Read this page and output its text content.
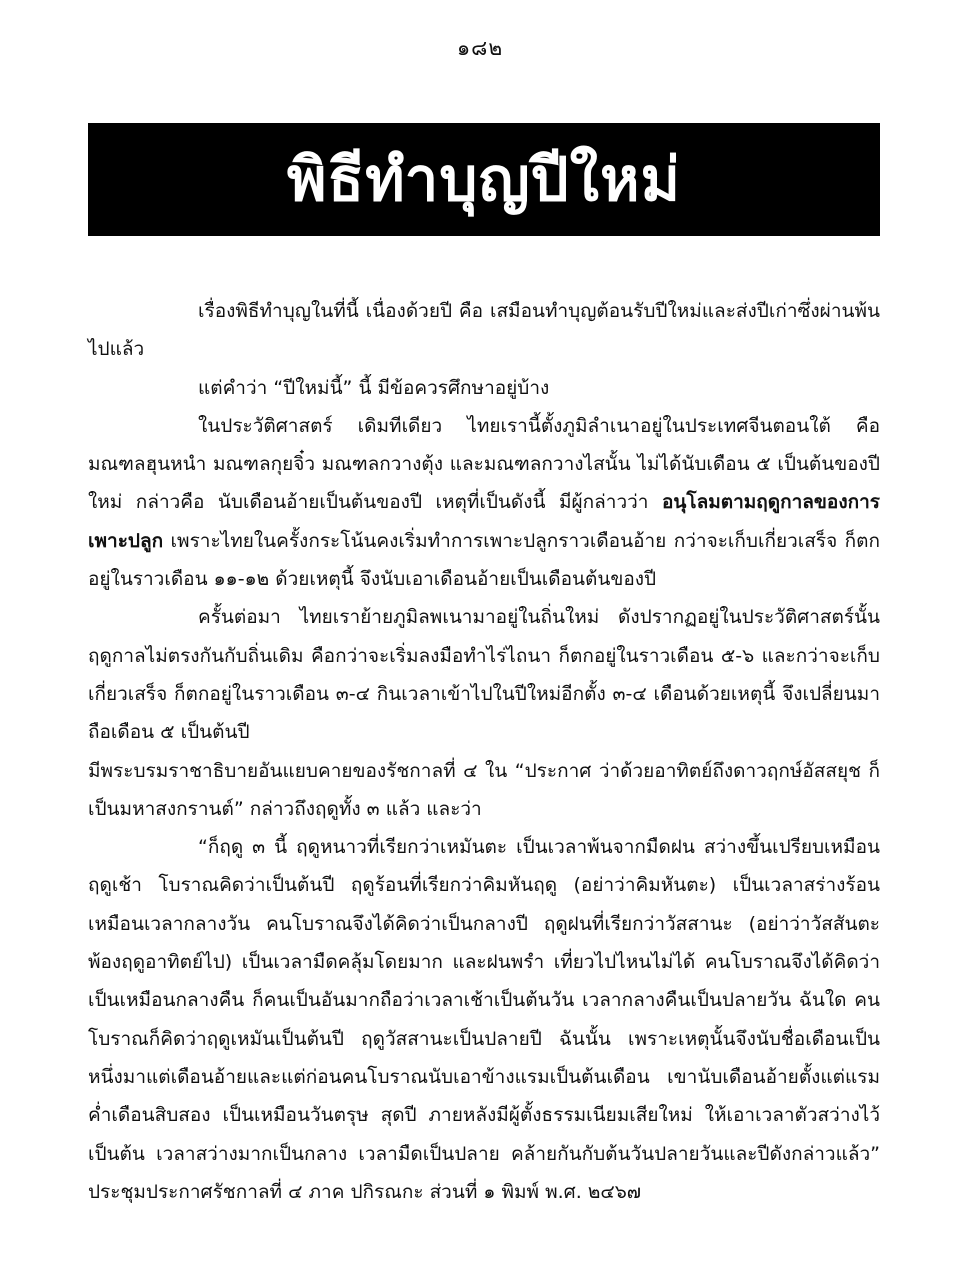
๑๘๒
พิธีทำบุญปีใหม่

เรื่องพิธีทำบุญในที่นี้ เนื่องด้วยปี คือ เสมือนทำบุญต้อนรับปีใหม่และส่งปีเก่าซึ่งผ่านพ้นไปแล้ว

แต่คำว่า “ปีใหม่นี้” นี้ มีข้อควรศึกษาอยู่บ้าง

ในประวัติศาสตร์ เดิมทีเดียว ไทยเรานี้ตั้งภูมิลำเนาอยู่ในประเทศจีนตอนใต้ คือมณฑลฮุนหนำ มณฑลกุยจิ๋ว มณฑลกวางตุ้ง และมณฑลกวางไสนั้น ไม่ได้นับเดือน ๕ เป็นต้นของปีใหม่ กล่าวคือ นับเดือนอ้ายเป็นต้นของปี เหตุที่เป็นดังนี้ มีผู้กล่าวว่า อนุโลมตามฤดูกาลของการเพาะปลูก เพราะไทยในครั้งกระโน้นคงเริ่มทำการเพาะปลูกราวเดือนอ้าย กว่าจะเก็บเกี่ยวเสร็จ ก็ตกอยู่ในราวเดือน ๑๑-๑๒ ด้วยเหตุนี้ จึงนับเอาเดือนอ้ายเป็นเดือนต้นของปี

ครั้นต่อมา ไทยเราย้ายภูมิลพเนามาอยู่ในถิ่นใหม่ ดังปรากฏอยู่ในประวัติศาสตร์นั้น ฤดูกาลไม่ตรงกันกับถิ่นเดิม คือกว่าจะเริ่มลงมือทำไร่ไถนา ก็ตกอยู่ในราวเดือน ๕-๖ และกว่าจะเก็บเกี่ยวเสร็จ ก็ตกอยู่ในราวเดือน ๓-๔ กินเวลาเข้าไปในปีใหม่อีกตั้ง ๓-๔ เดือนด้วยเหตุนี้ จึงเปลี่ยนมาถือเดือน ๕ เป็นต้นปี

มีพระบรมราชาธิบายอันแยบคายของรัชกาลที่ ๔ ใน “ประกาศ ว่าด้วยอาทิตย์ถึงดาวฤกษ์อัสสยุช ก็เป็นมหาสงกรานต์” กล่าวถึงฤดูทั้ง ๓ แล้ว และว่า

“ก็ฤดู ๓ นี้ ฤดูหนาวที่เรียกว่าเหมันตะ เป็นเวลาพ้นจากมืดฝน สว่างขึ้นเปรียบเหมือนฤดูเช้า โบราณคิดว่าเป็นต้นปี ฤดูร้อนที่เรียกว่าคิมหันฤดู (อย่าว่าคิมหันตะ) เป็นเวลาสร่างร้อนเหมือนเวลากลางวัน คนโบราณจึงได้คิดว่าเป็นกลางปี ฤดูฝนที่เรียกว่าวัสสานะ (อย่าว่าวัสสันตะพ้องฤดูอาทิตย์ไป) เป็นเวลามืดคลุ้มโดยมาก และฝนพรำ เที่ยวไปไหนไม่ได้ คนโบราณจึงได้คิดว่าเป็นเหมือนกลางคืน ก็คนเป็นอันมากถือว่าเวลาเช้าเป็นต้นวัน เวลากลางคืนเป็นปลายวัน ฉันใด คนโบราณก็คิดว่าฤดูเหมันเป็นต้นปี ฤดูวัสสานะเป็นปลายปี ฉันนั้น เพราะเหตุนั้นจึงนับชื่อเดือนเป็นหนึ่งมาแต่เดือนอ้ายและแต่ก่อนคนโบราณนับเอาข้างแรมเป็นต้นเดือน เขานับเดือนอ้ายตั้งแต่แรมค่ำเดือนสิบสอง เป็นเหมือนวันตรุษ สุดปี ภายหลังมีผู้ตั้งธรรมเนียมเสียใหม่ ให้เอาเวลาตัวสว่างไว้เป็นต้น เวลาสว่างมากเป็นกลาง เวลามืดเป็นปลาย คล้ายกันกับต้นวันปลายวันและปีดังกล่าวแล้ว” ประชุมประกาศรัชกาลที่ ๔ ภาค ปกิรณกะ ส่วนที่ ๑ พิมพ์ พ.ศ. ๒๔๖๗
